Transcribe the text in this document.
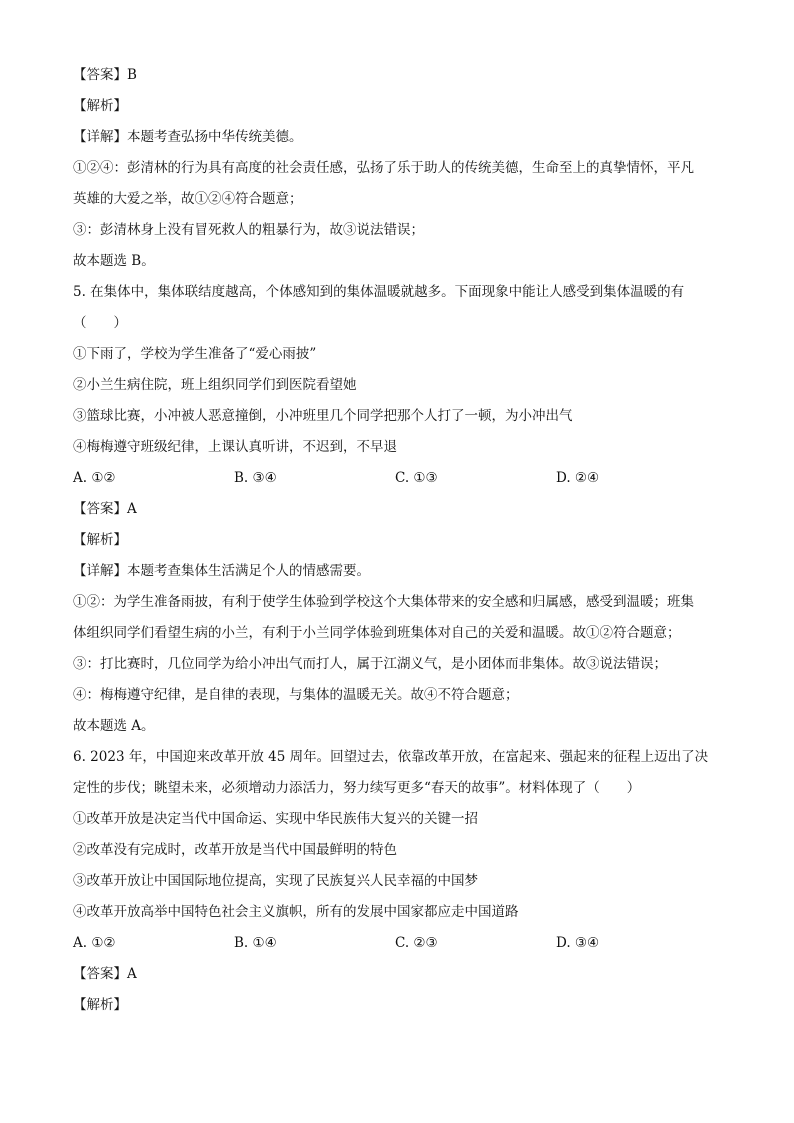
【答案】B
【解析】
【详解】本题考查弘扬中华传统美德。
①②④：彭清林的行为具有高度的社会责任感，弘扬了乐于助人的传统美德，生命至上的真挚情怀，平凡
英雄的大爱之举，故①②④符合题意；
③：彭清林身上没有冒死救人的粗暴行为，故③说法错误；
故本题选 B。
5. 在集体中，集体联结度越高，个体感知到的集体温暖就越多。下面现象中能让人感受到集体温暖的有
（　　）
①下雨了，学校为学生准备了“爱心雨披”
②小兰生病住院，班上组织同学们到医院看望她
③篮球比赛，小冲被人恶意撞倒，小冲班里几个同学把那个人打了一顿，为小冲出气
④梅梅遵守班级纪律，上课认真听讲，不迟到，不早退
A. ①②	B. ③④	C. ①③	D. ②④
【答案】A
【解析】
【详解】本题考查集体生活满足个人的情感需要。
①②：为学生准备雨披，有利于使学生体验到学校这个大集体带来的安全感和归属感，感受到温暖；班集
体组织同学们看望生病的小兰，有利于小兰同学体验到班集体对自己的关爱和温暖。故①②符合题意；
③：打比赛时，几位同学为给小冲出气而打人，属于江湖义气，是小团体而非集体。故③说法错误；
④：梅梅遵守纪律，是自律的表现，与集体的温暖无关。故④不符合题意；
故本题选 A。
6. 2023 年，中国迎来改革开放 45 周年。回望过去，依靠改革开放，在富起来、强起来的征程上迈出了决
定性的步伐；眺望未来，必须增动力添活力，努力续写更多“春天的故事”。材料体现了（　　）
①改革开放是决定当代中国命运、实现中华民族伟大复兴的关键一招
②改革没有完成时，改革开放是当代中国最鲜明的特色
③改革开放让中国国际地位提高，实现了民族复兴人民幸福的中国梦
④改革开放高举中国特色社会主义旗帜，所有的发展中国家都应走中国道路
A. ①②	B. ①④	C. ②③	D. ③④
【答案】A
【解析】
